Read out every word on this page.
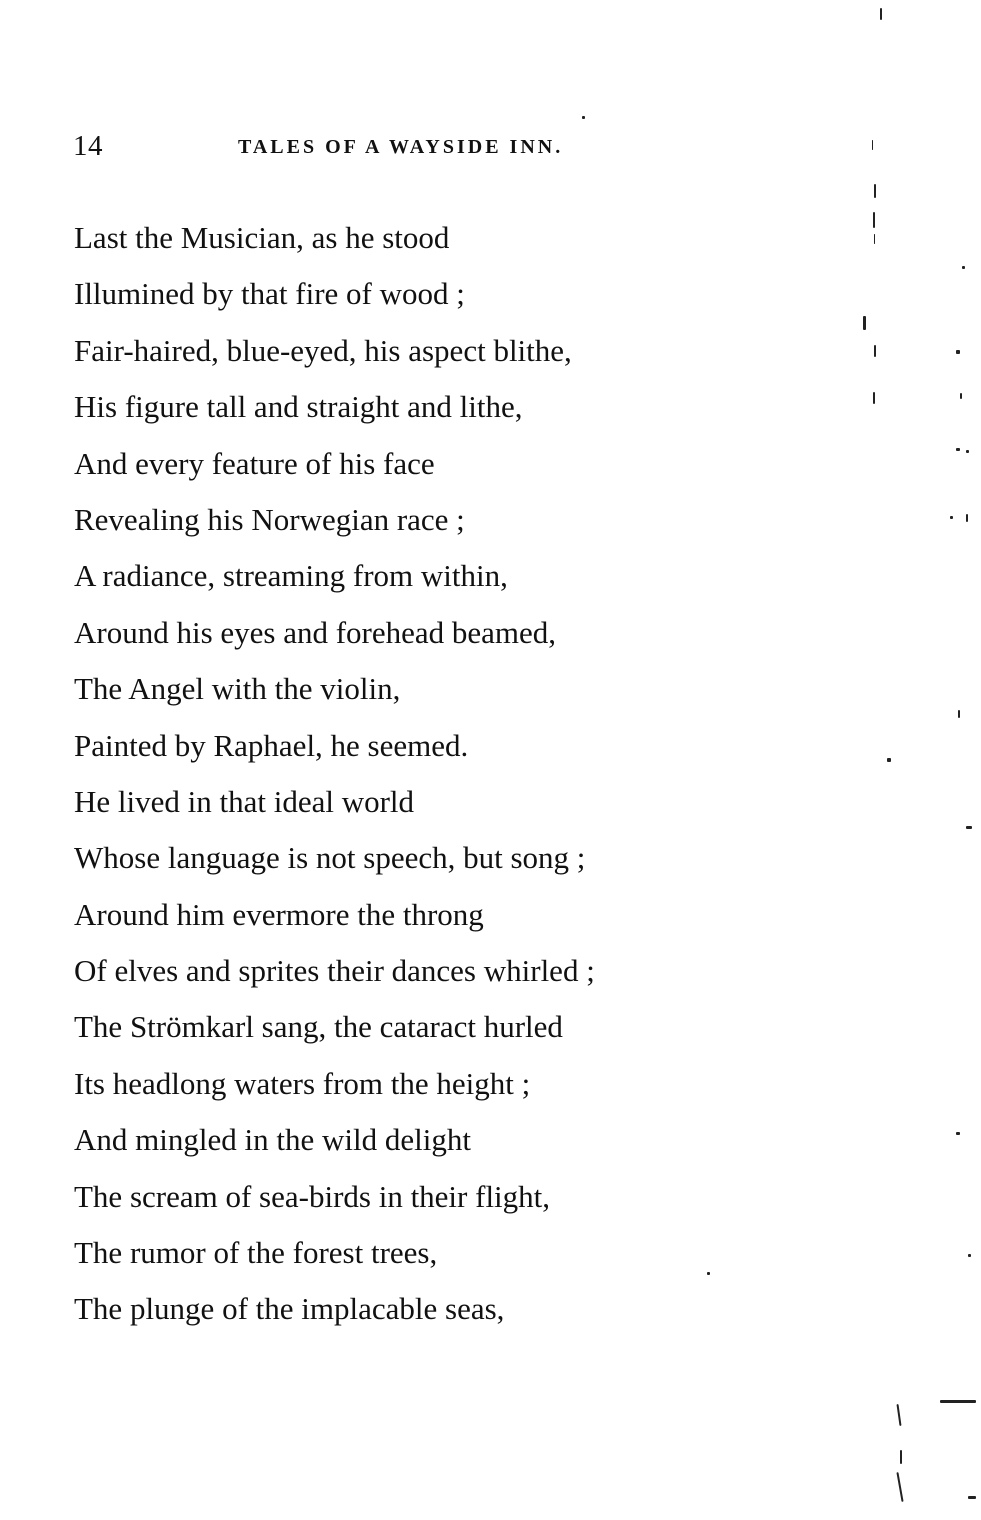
14	TALES OF A WAYSIDE INN.
Last the Musician, as he stood
Illumined by that fire of wood ;
Fair-haired, blue-eyed, his aspect blithe,
His figure tall and straight and lithe,
And every feature of his face
Revealing his Norwegian race ;
A radiance, streaming from within,
Around his eyes and forehead beamed,
The Angel with the violin,
Painted by Raphael, he seemed.
He lived in that ideal world
Whose language is not speech, but song ;
Around him evermore the throng
Of elves and sprites their dances whirled ;
The Strömkarl sang, the cataract hurled
Its headlong waters from the height ;
And mingled in the wild delight
The scream of sea-birds in their flight,
The rumor of the forest trees,
The plunge of the implacable seas,
